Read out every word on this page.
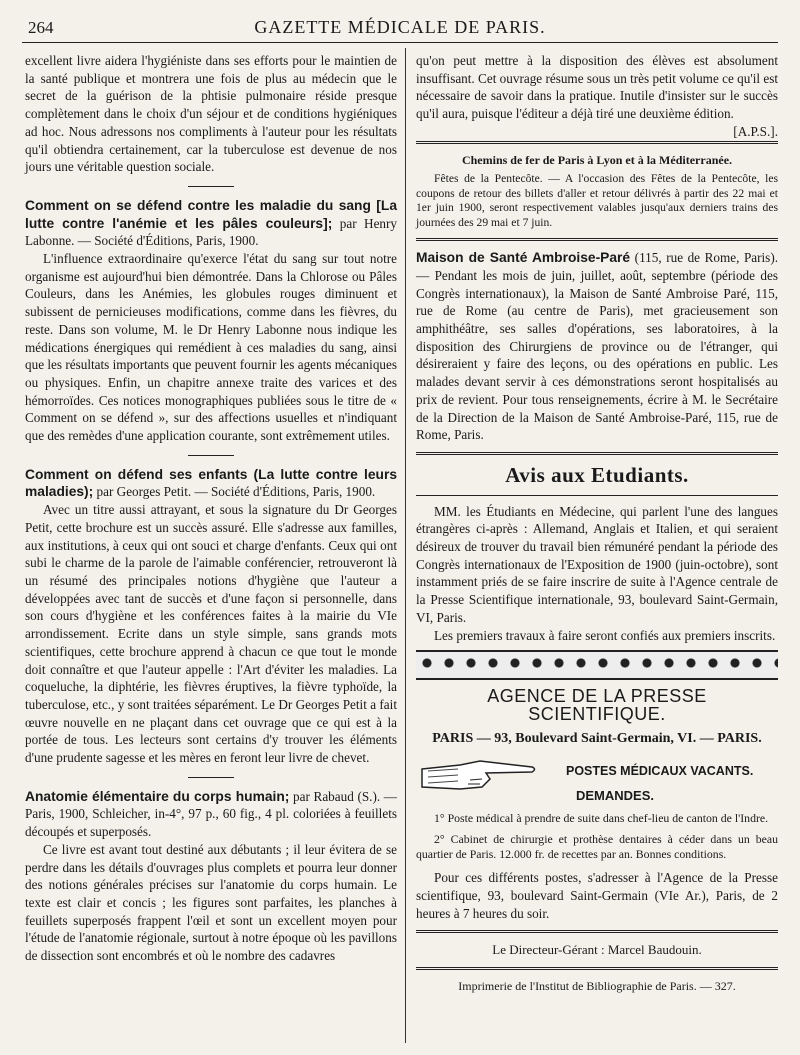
264	GAZETTE MÉDICALE DE PARIS.

excellent livre aidera l'hygiéniste dans ses efforts pour le maintien de la santé publique et montrera une fois de plus au médecin que le secret de la guérison de la phtisie pulmonaire réside presque complètement dans le choix d'un séjour et de conditions hygiéniques ad hoc. Nous adressons nos compliments à l'auteur pour les résultats qu'il obtiendra certainement, car la tuberculose est devenue de nos jours une véritable question sociale.

Comment on se défend contre les maladie du sang [La lutte contre l'anémie et les pâles couleurs]; par Henry Labonne. — Société d'Éditions, Paris, 1900.

L'influence extraordinaire qu'exerce l'état du sang sur tout notre organisme est aujourd'hui bien démontrée. Dans la Chlorose ou Pâles Couleurs, dans les Anémies, les globules rouges diminuent et subissent de pernicieuses modifications, comme dans les fièvres, du reste. Dans son volume, M. le Dr Henry Labonne nous indique les médications énergiques qui remédient à ces maladies du sang, ainsi que les résultats importants que peuvent fournir les agents mécaniques ou physiques. Enfin, un chapitre annexe traite des varices et des hémorroïdes. Ces notices monographiques publiées sous le titre de « Comment on se défend », sur des affections usuelles et n'indiquant que des remèdes d'une application courante, sont extrêmement utiles.

Comment on défend ses enfants (La lutte contre leurs maladies); par Georges Petit. — Société d'Éditions, Paris, 1900.

Avec un titre aussi attrayant, et sous la signature du Dr Georges Petit, cette brochure est un succès assuré. Elle s'adresse aux familles, aux institutions, à ceux qui ont souci et charge d'enfants. Ceux qui ont subi le charme de la parole de l'aimable conférencier, retrouveront là un résumé des principales notions d'hygiène que l'auteur a développées avec tant de succès et d'une façon si personnelle, dans son cours d'hygiène et les conférences faites à la mairie du VIe arrondissement. Ecrite dans un style simple, sans grands mots scientifiques, cette brochure apprend à chacun ce que tout le monde doit connaître et que l'auteur appelle : l'Art d'éviter les maladies. La coqueluche, la diphtérie, les fièvres éruptives, la fièvre typhoïde, la tuberculose, etc., y sont traitées séparément. Le Dr Georges Petit a fait œuvre nouvelle en ne plaçant dans cet ouvrage que ce qui est à la portée de tous. Les lecteurs sont certains d'y trouver les éléments d'une prudente sagesse et les mères en feront leur livre de chevet.

Anatomie élémentaire du corps humain; par Rabaud (S.). — Paris, 1900, Schleicher, in-4°, 97 p., 60 fig., 4 pl. coloriées à feuillets découpés et superposés.

Ce livre est avant tout destiné aux débutants ; il leur évitera de se perdre dans les détails d'ouvrages plus complets et pourra leur donner des notions générales précises sur l'anatomie du corps humain. Le texte est clair et concis ; les figures sont parfaites, les planches à feuillets superposés frappent l'œil et sont un excellent moyen pour l'étude de l'anatomie régionale, surtout à notre époque où les pavillons de dissection sont encombrés et où le nombre des cadavres

qu'on peut mettre à la disposition des élèves est absolument insuffisant. Cet ouvrage résume sous un très petit volume ce qu'il est nécessaire de savoir dans la pratique. Inutile d'insister sur le succès qu'il aura, puisque l'éditeur a déjà tiré une deuxième édition.
[A.P.S.].

Chemins de fer de Paris à Lyon et à la Méditerranée.

Fêtes de la Pentecôte. — A l'occasion des Fêtes de la Pentecôte, les coupons de retour des billets d'aller et retour délivrés à partir des 22 mai et 1er juin 1900, seront respectivement valables jusqu'aux derniers trains des journées des 29 mai et 7 juin.

Maison de Santé Ambroise-Paré (115, rue de Rome, Paris). — Pendant les mois de juin, juillet, août, septembre (période des Congrès internationaux), la Maison de Santé Ambroise Paré, 115, rue de Rome (au centre de Paris), met gracieusement son amphithéâtre, ses salles d'opérations, ses laboratoires, à la disposition des Chirurgiens de province ou de l'étranger, qui désireraient y faire des leçons, ou des opérations en public. Les malades devant servir à ces démonstrations seront hospitalisés au prix de revient. Pour tous renseignements, écrire à M. le Secrétaire de la Direction de la Maison de Santé Ambroise-Paré, 115, rue de Rome, Paris.

Avis aux Etudiants.

MM. les Étudiants en Médecine, qui parlent l'une des langues étrangères ci-après : Allemand, Anglais et Italien, et qui seraient désireux de trouver du travail bien rémunéré pendant la période des Congrès internationaux de l'Exposition de 1900 (juin-octobre), sont instamment priés de se faire inscrire de suite à l'Agence centrale de la Presse Scientifique internationale, 93, boulevard Saint-Germain, VI, Paris.

Les premiers travaux à faire seront confiés aux premiers inscrits.

AGENCE DE LA PRESSE SCIENTIFIQUE.
PARIS — 93, Boulevard Saint-Germain, VI. — PARIS.
POSTES MÉDICAUX VACANTS.
DEMANDES.

1° Poste médical à prendre de suite dans chef-lieu de canton de l'Indre.

2° Cabinet de chirurgie et prothèse dentaires à céder dans un beau quartier de Paris. 12.000 fr. de recettes par an. Bonnes conditions.

Pour ces différents postes, s'adresser à l'Agence de la Presse scientifique, 93, boulevard Saint-Germain (VIe Ar.), Paris, de 2 heures à 7 heures du soir.

Le Directeur-Gérant : Marcel Baudouin.
Imprimerie de l'Institut de Bibliographie de Paris. — 327.
